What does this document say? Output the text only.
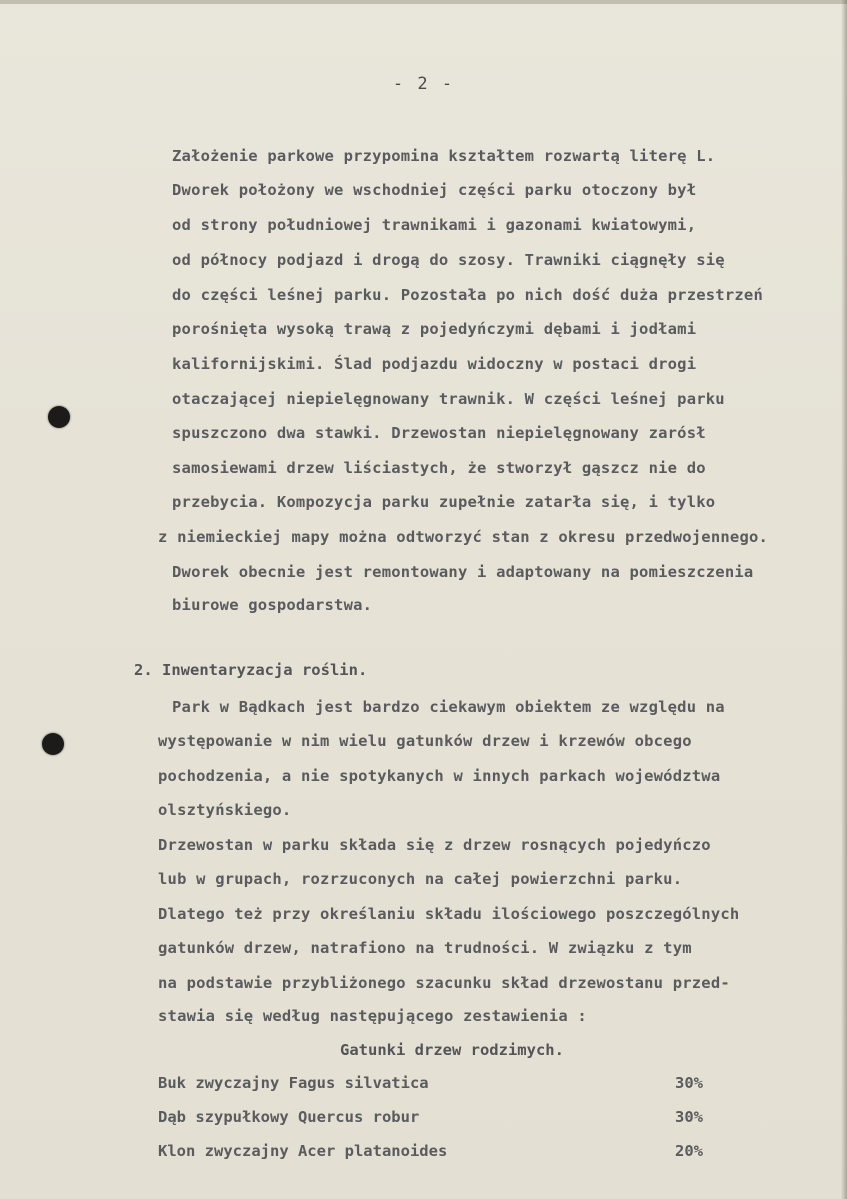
- 2 -
Założenie parkowe przypomina kształtem rozwartą literę L.
Dworek położony we wschodniej części parku otoczony był
od strony południowej trawnikami i gazonami kwiatowymi,
od północy podjazd i drogą do szosy. Trawniki ciągnęły się
do części leśnej parku. Pozostała po nich dość duża przestrzeń
porośnięta wysoką trawą z pojedyńczymi dębami i jodłami
kalifornijskimi. Ślad podjazdu widoczny w postaci drogi
otaczającej niepielęgnowany trawnik. W części leśnej parku
spuszczono dwa stawki. Drzewostan niepielęgnowany zarósł
samosiewami drzew liściastych, że stworzył gąszcz nie do
przebycia. Kompozycja parku zupełnie zatarła się, i tylko
z niemieckiej mapy można odtworzyć stan z okresu przedwojennego.
Dworek obecnie jest remontowany i adaptowany na pomieszczenia
biurowe gospodarstwa.
2. Inwentaryzacja roślin.
Park w Bądkach jest bardzo ciekawym obiektem ze względu na
występowanie w nim wielu gatunków drzew i krzewów obcego
pochodzenia, a nie spotykanych w innych parkach województwa
olsztyńskiego.
Drzewostan w parku składa się z drzew rosnących pojedyńczo
lub w grupach, rozrzuconych na całej powierzchni parku.
Dlatego też przy określaniu składu ilościowego poszczególnych
gatunków drzew, natrafiono na trudności. W związku z tym
na podstawie przybliżonego szacunku skład drzewostanu przed-
stawia się według następującego zestawienia :
Gatunki drzew rodzimych.
Buk zwyczajny Fagus silvatica	30%
Dąb szypułkowy Quercus robur	30%
Klon zwyczajny Acer platanoides	20%
